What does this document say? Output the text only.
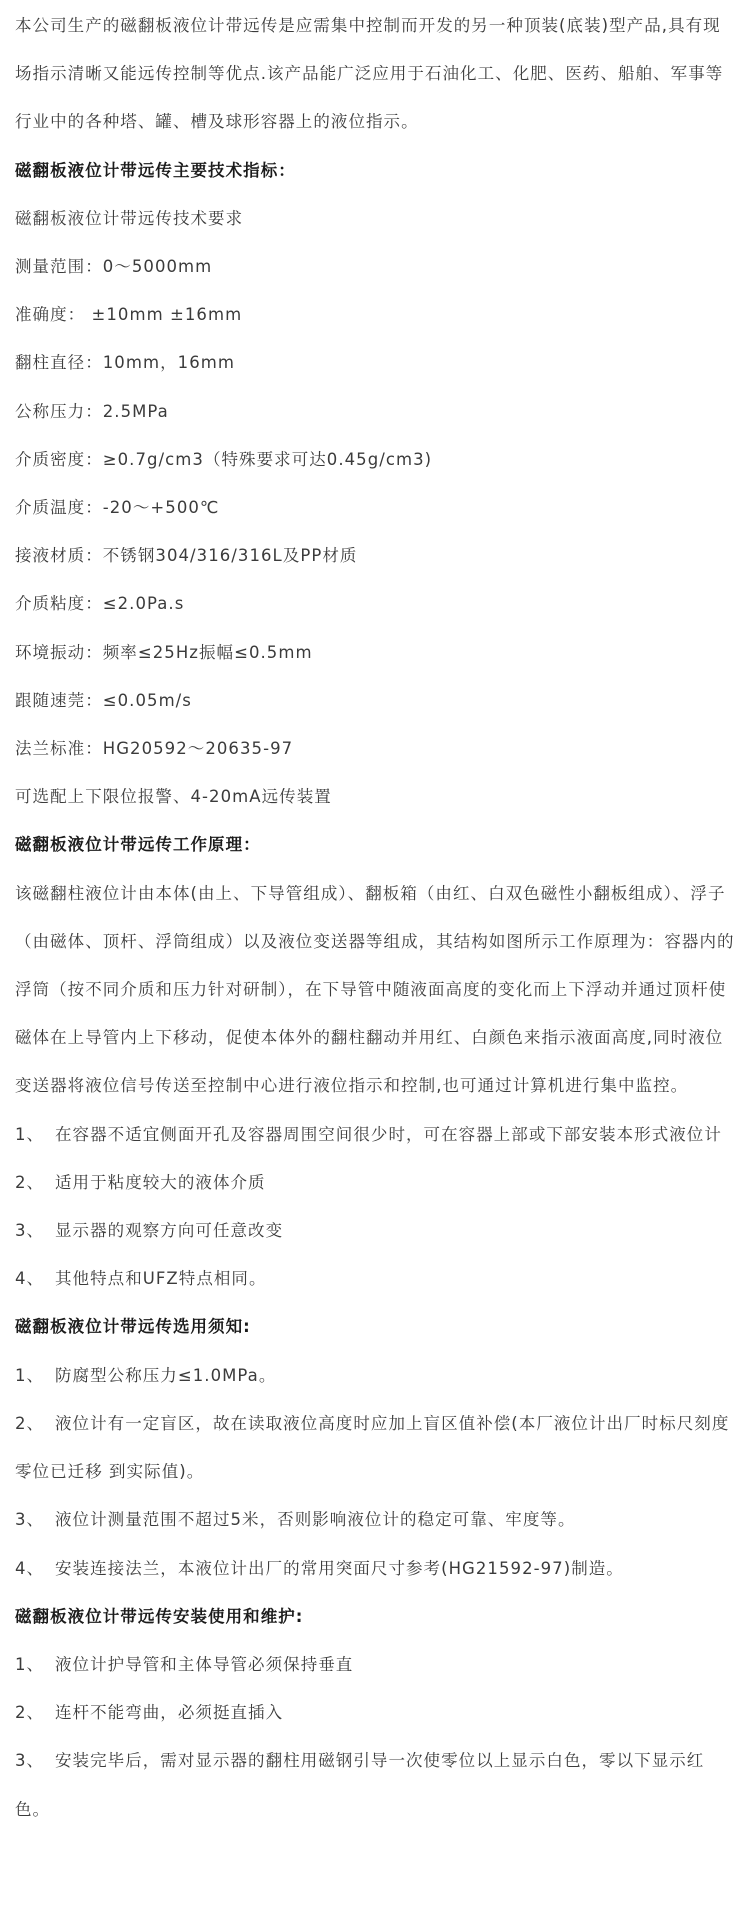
本公司生产的磁翻板液位计带远传是应需集中控制而开发的另一种顶装(底装)型产品,具有现场指示清晰又能远传控制等优点.该产品能广泛应用于石油化工、化肥、医药、船舶、军事等行业中的各种塔、罐、槽及球形容器上的液位指示。

磁翻板液位计带远传主要技术指标：

磁翻板液位计带远传技术要求

测量范围：0～5000mm

准确度： ±10mm ±16mm

翻柱直径：10mm，16mm

公称压力：2.5MPa

介质密度：≥0.7g/cm3（特殊要求可达0.45g/cm3)

介质温度：-20～+500℃

接液材质：不锈钢304/316/316L及PP材质

介质粘度：≤2.0Pa.s

环境振动：频率≤25Hz振幅≤0.5mm

跟随速莞：≤0.05m/s

法兰标准：HG20592～20635-97

可选配上下限位报警、4-20mA远传装置

磁翻板液位计带远传工作原理：

该磁翻柱液位计由本体(由上、下导管组成）、翻板箱（由红、白双色磁性小翻板组成）、浮子（由磁体、顶杆、浮筒组成）以及液位变送器等组成，其结构如图所示工作原理为：容器内的浮筒（按不同介质和压力针对研制），在下导管中随液面高度的变化而上下浮动并通过顶杆使磁体在上导管内上下移动，促使本体外的翻柱翻动并用红、白颜色来指示液面高度,同时液位变送器将液位信号传送至控制中心进行液位指示和控制,也可通过计算机进行集中监控。

1、 在容器不适宜侧面开孔及容器周围空间很少时，可在容器上部或下部安装本形式液位计

2、 适用于粘度较大的液体介质

3、 显示器的观察方向可任意改变

4、 其他特点和UFZ特点相同。

磁翻板液位计带远传选用须知:

1、 防腐型公称压力≤1.0MPa。

2、 液位计有一定盲区，故在读取液位高度时应加上盲区值补偿(本厂液位计出厂时标尺刻度零位已迁移 到实际值)。

3、 液位计测量范围不超过5米，否则影响液位计的稳定可靠、牢度等。

4、 安装连接法兰，本液位计出厂的常用突面尺寸参考(HG21592-97)制造。

磁翻板液位计带远传安装使用和维护:

1、 液位计护导管和主体导管必须保持垂直

2、 连杆不能弯曲，必须挺直插入

3、 安装完毕后，需对显示器的翻柱用磁钢引导一次使零位以上显示白色，零以下显示红色。
